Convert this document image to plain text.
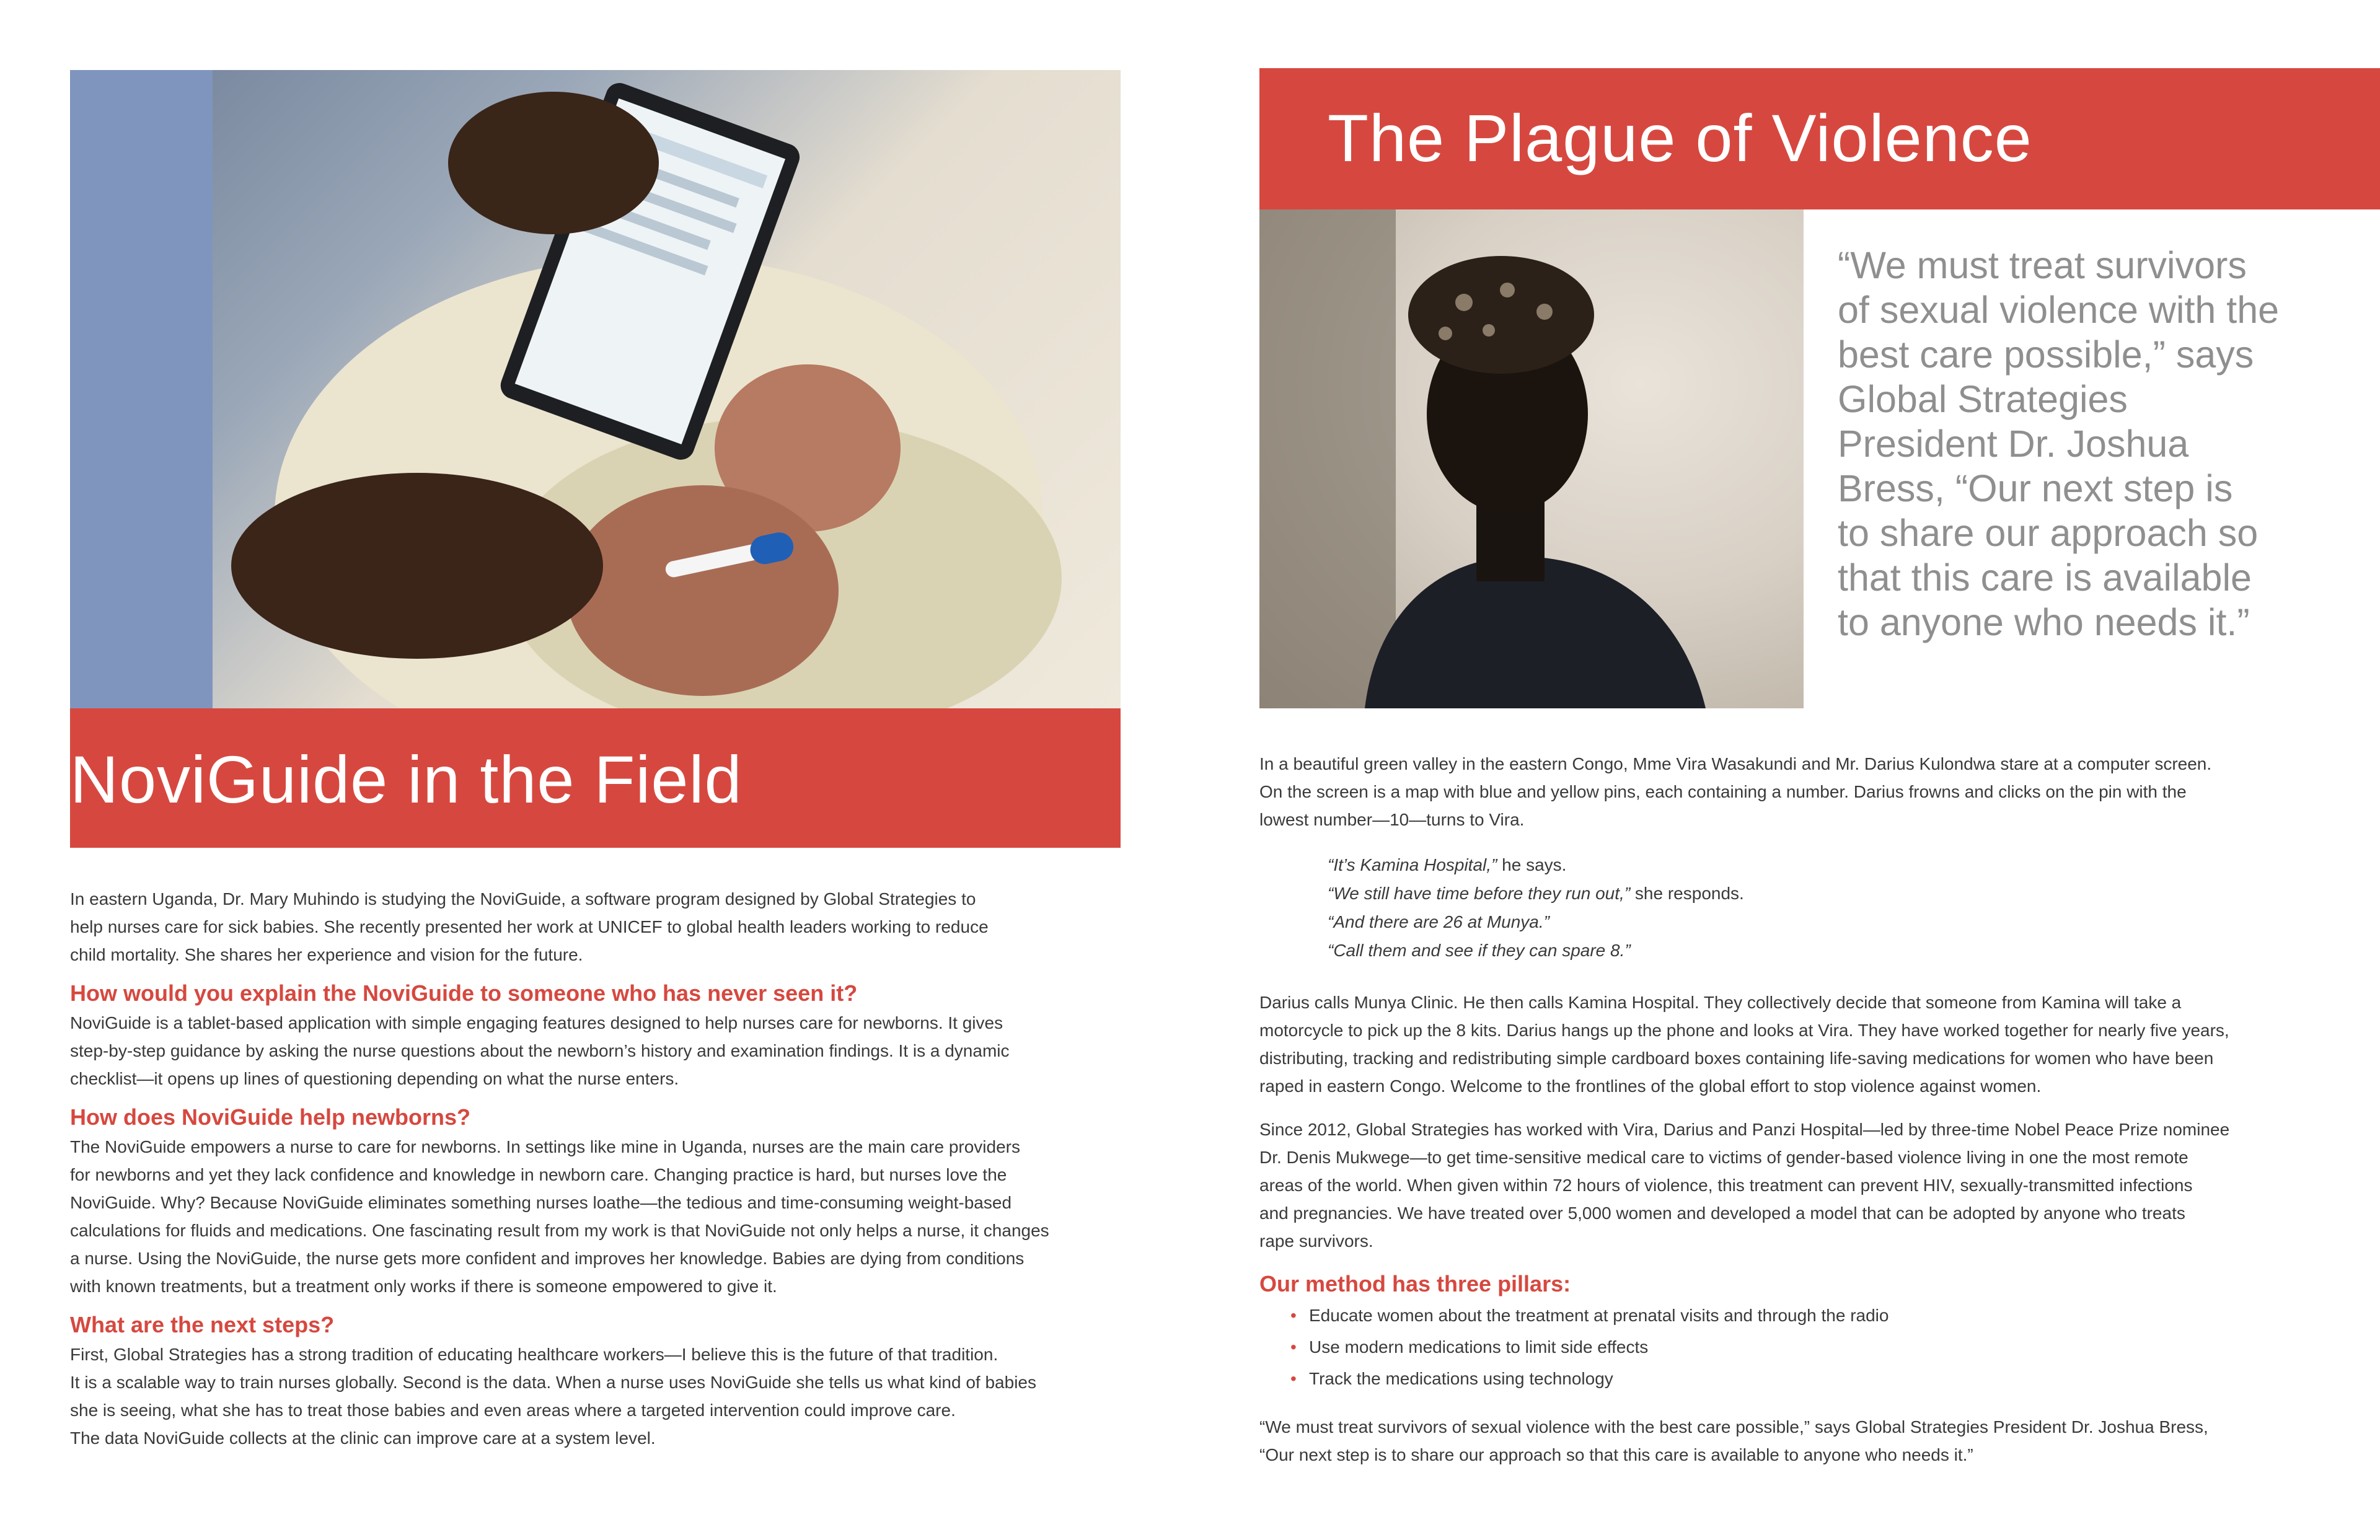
NoviGuide in the Field

In eastern Uganda, Dr. Mary Muhindo is studying the NoviGuide, a software program designed by Global Strategies to
help nurses care for sick babies. She recently presented her work at UNICEF to global health leaders working to reduce
child mortality. She shares her experience and vision for the future.

How would you explain the NoviGuide to someone who has never seen it?

NoviGuide is a tablet-based application with simple engaging features designed to help nurses care for newborns. It gives
step-by-step guidance by asking the nurse questions about the newborn’s history and examination findings. It is a dynamic
checklist—it opens up lines of questioning depending on what the nurse enters.

How does NoviGuide help newborns?

The NoviGuide empowers a nurse to care for newborns. In settings like mine in Uganda, nurses are the main care providers
for newborns and yet they lack confidence and knowledge in newborn care. Changing practice is hard, but nurses love the
NoviGuide. Why? Because NoviGuide eliminates something nurses loathe—the tedious and time-consuming weight-based
calculations for fluids and medications. One fascinating result from my work is that NoviGuide not only helps a nurse, it changes
a nurse. Using the NoviGuide, the nurse gets more confident and improves her knowledge. Babies are dying from conditions
with known treatments, but a treatment only works if there is someone empowered to give it.

What are the next steps?

First, Global Strategies has a strong tradition of educating healthcare workers—I believe this is the future of that tradition.
It is a scalable way to train nurses globally. Second is the data. When a nurse uses NoviGuide she tells us what kind of babies
she is seeing, what she has to treat those babies and even areas where a targeted intervention could improve care.
The data NoviGuide collects at the clinic can improve care at a system level.

The Plague of Violence
“We must treat survivors
of sexual violence with the
best care possible,” says
Global Strategies
President Dr. Joshua
Bress, “Our next step is
to share our approach so
that this care is available
to anyone who needs it.”

In a beautiful green valley in the eastern Congo, Mme Vira Wasakundi and Mr. Darius Kulondwa stare at a computer screen.
On the screen is a map with blue and yellow pins, each containing a number. Darius frowns and clicks on the pin with the
lowest number—10—turns to Vira.

“It’s Kamina Hospital,” he says.
“We still have time before they run out,” she responds.
“And there are 26 at Munya.”
“Call them and see if they can spare 8.”

Darius calls Munya Clinic. He then calls Kamina Hospital. They collectively decide that someone from Kamina will take a
motorcycle to pick up the 8 kits. Darius hangs up the phone and looks at Vira. They have worked together for nearly five years,
distributing, tracking and redistributing simple cardboard boxes containing life-saving medications for women who have been
raped in eastern Congo. Welcome to the frontlines of the global effort to stop violence against women.

Since 2012, Global Strategies has worked with Vira, Darius and Panzi Hospital—led by three-time Nobel Peace Prize nominee
Dr. Denis Mukwege—to get time-sensitive medical care to victims of gender-based violence living in one the most remote
areas of the world. When given within 72 hours of violence, this treatment can prevent HIV, sexually-transmitted infections
and pregnancies. We have treated over 5,000 women and developed a model that can be adopted by anyone who treats
rape survivors.

Our method has three pillars:
• Educate women about the treatment at prenatal visits and through the radio
• Use modern medications to limit side effects
• Track the medications using technology

“We must treat survivors of sexual violence with the best care possible,” says Global Strategies President Dr. Joshua Bress,
“Our next step is to share our approach so that this care is available to anyone who needs it.”
